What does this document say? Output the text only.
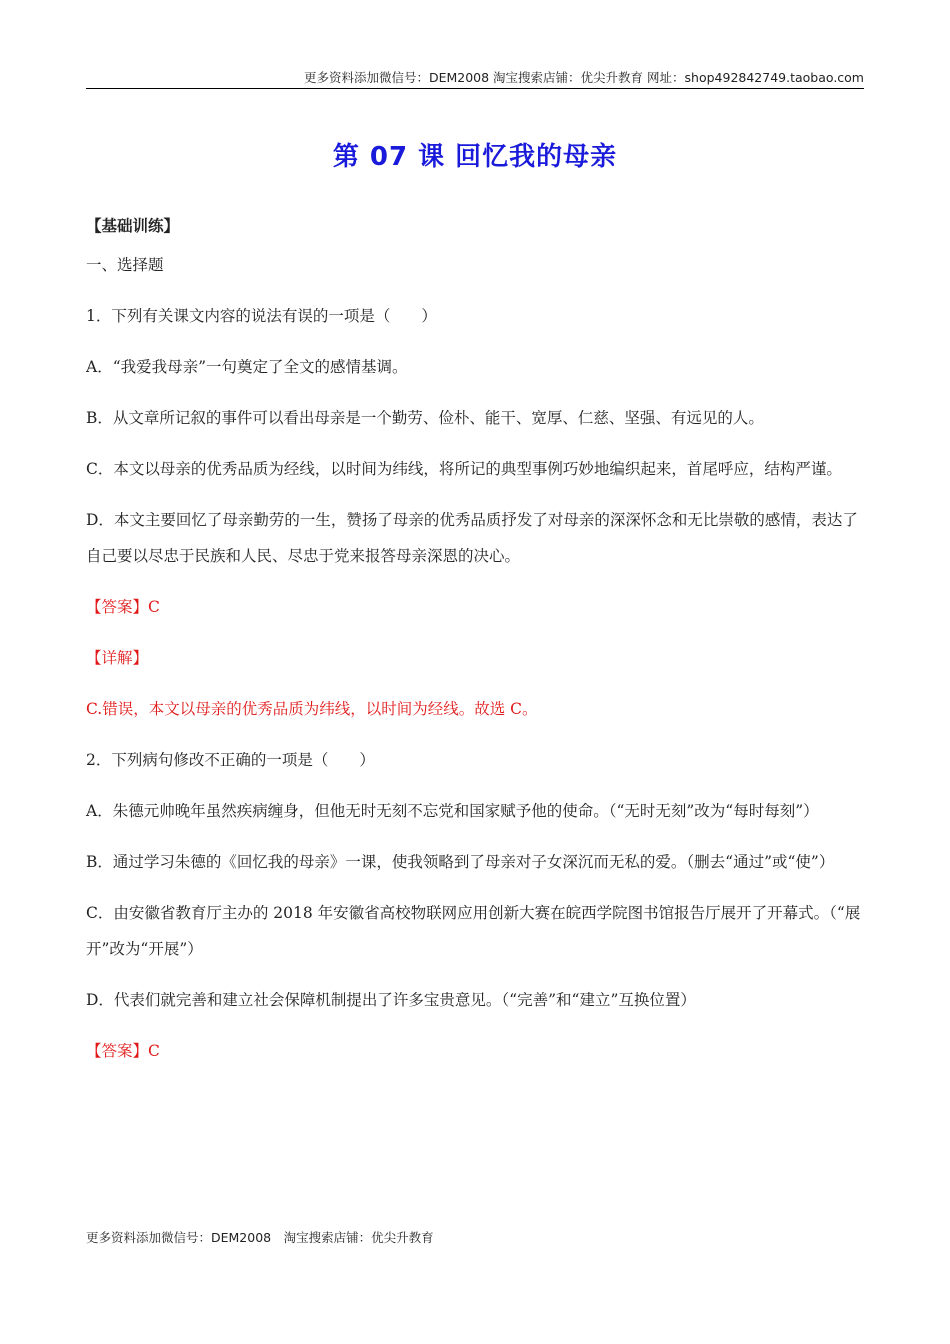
更多资料添加微信号：DEM2008 淘宝搜索店铺：优尖升教育 网址：shop492842749.taobao.com
第 07 课 回忆我的母亲

【基础训练】

一、选择题

1．下列有关课文内容的说法有误的一项是（　　）

A．“我爱我母亲”一句奠定了全文的感情基调。

B．从文章所记叙的事件可以看出母亲是一个勤劳、俭朴、能干、宽厚、仁慈、坚强、有远见的人。

C．本文以母亲的优秀品质为经线，以时间为纬线，将所记的典型事例巧妙地编织起来，首尾呼应，结构严谨。

D．本文主要回忆了母亲勤劳的一生，赞扬了母亲的优秀品质抒发了对母亲的深深怀念和无比崇敬的感情，表达了自己要以尽忠于民族和人民、尽忠于党来报答母亲深恩的决心。

【答案】C

【详解】

C.错误，本文以母亲的优秀品质为纬线，以时间为经线。故选 C。

2．下列病句修改不正确的一项是（　　）

A．朱德元帅晚年虽然疾病缠身，但他无时无刻不忘党和国家赋予他的使命。（“无时无刻”改为“每时每刻”）

B．通过学习朱德的《回忆我的母亲》一课，使我领略到了母亲对子女深沉而无私的爱。（删去“通过”或“使”）

C．由安徽省教育厅主办的 2018 年安徽省高校物联网应用创新大赛在皖西学院图书馆报告厅展开了开幕式。（“展开”改为“开展”）

D．代表们就完善和建立社会保障机制提出了许多宝贵意见。（“完善”和“建立”互换位置）

【答案】C

更多资料添加微信号：DEM2008　淘宝搜索店铺：优尖升教育
